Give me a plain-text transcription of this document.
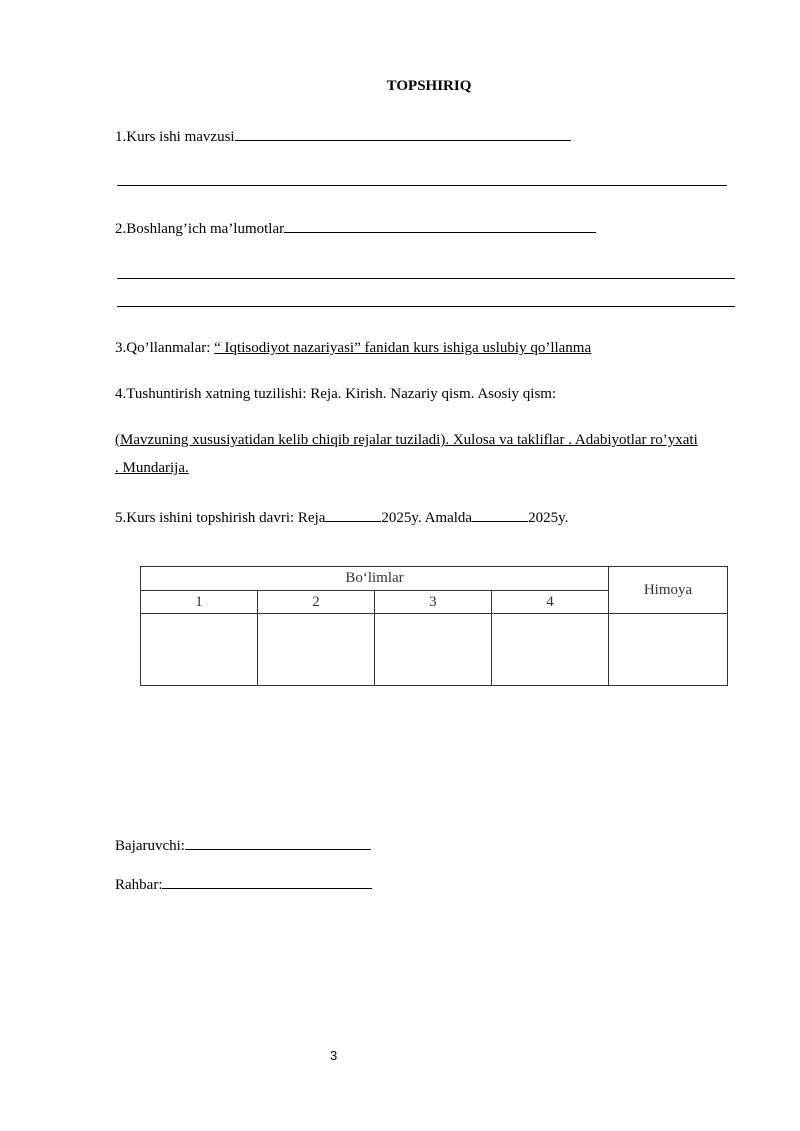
TOPSHIRIQ
1.Kurs ishi mavzusi
2.Boshlang’ich ma’lumotlar
3.Qo’llanmalar: “ Iqtisodiyot nazariyasi” fanidan kurs ishiga uslubiy qo’llanma
4.Tushuntirish xatning tuzilishi: Reja. Kirish. Nazariy qism. Asosiy qism:
(Mavzuning xususiyatidan kelib chiqib rejalar tuziladi). Xulosa va takliflar . Adabiyotlar ro’yxati
. Mundarija.
5.Kurs ishini topshirish davri: Reja	2025y. Amalda	2025y.
Bo‘limlar				Himoya
1	2	3	4	

Bajaruvchi:
Rahbar:
3
